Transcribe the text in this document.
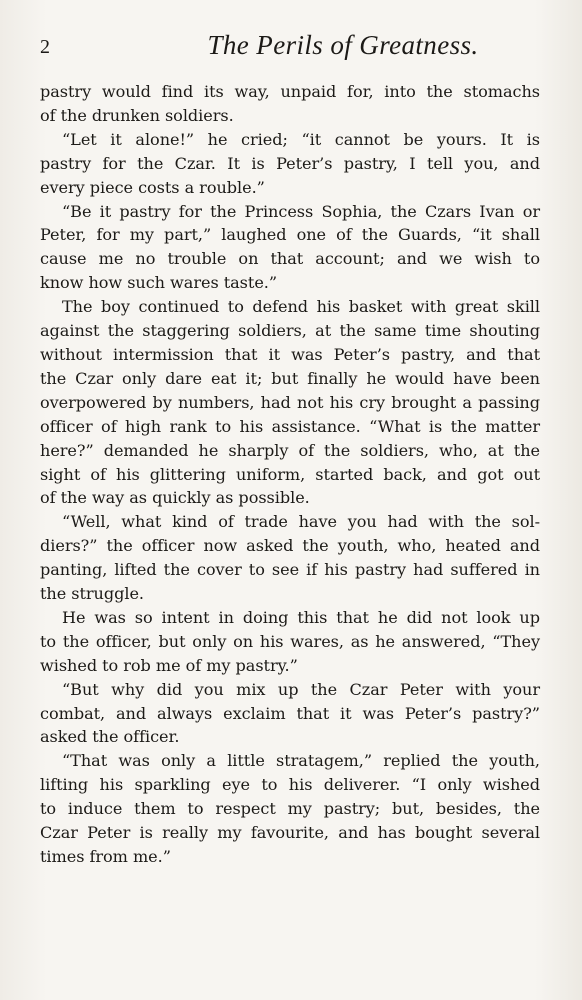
2	The Perils of Greatness.
pastry would find its way, unpaid for, into the stomachs
of the drunken soldiers.
“Let it alone!” he cried; “it cannot be yours. It is
pastry for the Czar. It is Peter’s pastry, I tell you, and
every piece costs a rouble.”
“Be it pastry for the Princess Sophia, the Czars Ivan or
Peter, for my part,” laughed one of the Guards, “it shall
cause me no trouble on that account; and we wish to
know how such wares taste.”
The boy continued to defend his basket with great skill
against the staggering soldiers, at the same time shouting
without intermission that it was Peter’s pastry, and that
the Czar only dare eat it; but finally he would have been
overpowered by numbers, had not his cry brought a passing
officer of high rank to his assistance. “What is the matter
here?” demanded he sharply of the soldiers, who, at the
sight of his glittering uniform, started back, and got out
of the way as quickly as possible.
“Well, what kind of trade have you had with the sol-
diers?” the officer now asked the youth, who, heated and
panting, lifted the cover to see if his pastry had suffered in
the struggle.
He was so intent in doing this that he did not look up
to the officer, but only on his wares, as he answered, “They
wished to rob me of my pastry.”
“But why did you mix up the Czar Peter with your
combat, and always exclaim that it was Peter’s pastry?”
asked the officer.
“That was only a little stratagem,” replied the youth,
lifting his sparkling eye to his deliverer. “I only wished
to induce them to respect my pastry; but, besides, the
Czar Peter is really my favourite, and has bought several
times from me.”
